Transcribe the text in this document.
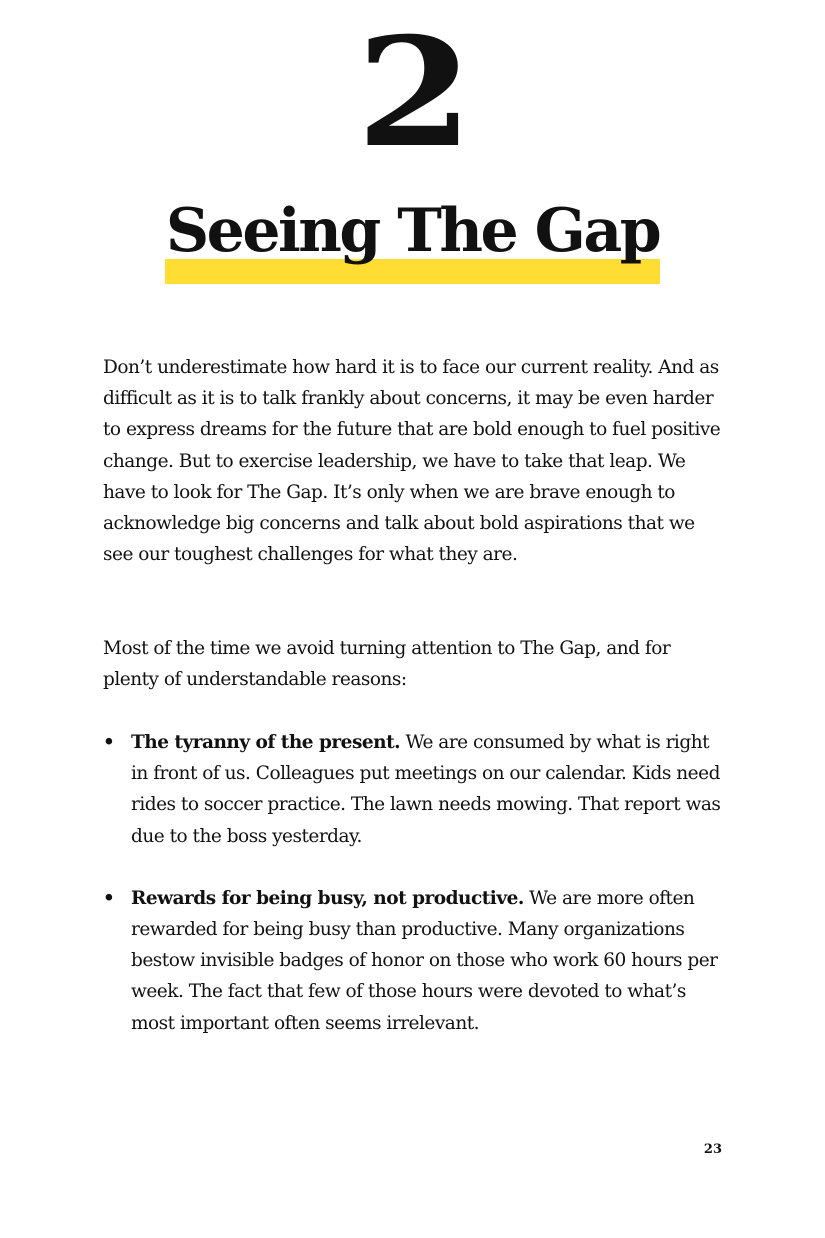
2
Seeing The Gap

Don’t underestimate how hard it is to face our current reality. And as difficult as it is to talk frankly about concerns, it may be even harder to express dreams for the future that are bold enough to fuel positive change. But to exercise leadership, we have to take that leap. We have to look for The Gap. It’s only when we are brave enough to acknowledge big concerns and talk about bold aspirations that we see our toughest challenges for what they are.

Most of the time we avoid turning attention to The Gap, and for plenty of understandable reasons:

• The tyranny of the present. We are consumed by what is right in front of us. Colleagues put meetings on our calendar. Kids need rides to soccer practice. The lawn needs mowing. That report was due to the boss yesterday.
• Rewards for being busy, not productive. We are more often rewarded for being busy than productive. Many organizations bestow invisible badges of honor on those who work 60 hours per week. The fact that few of those hours were devoted to what’s most important often seems irrelevant.
23
